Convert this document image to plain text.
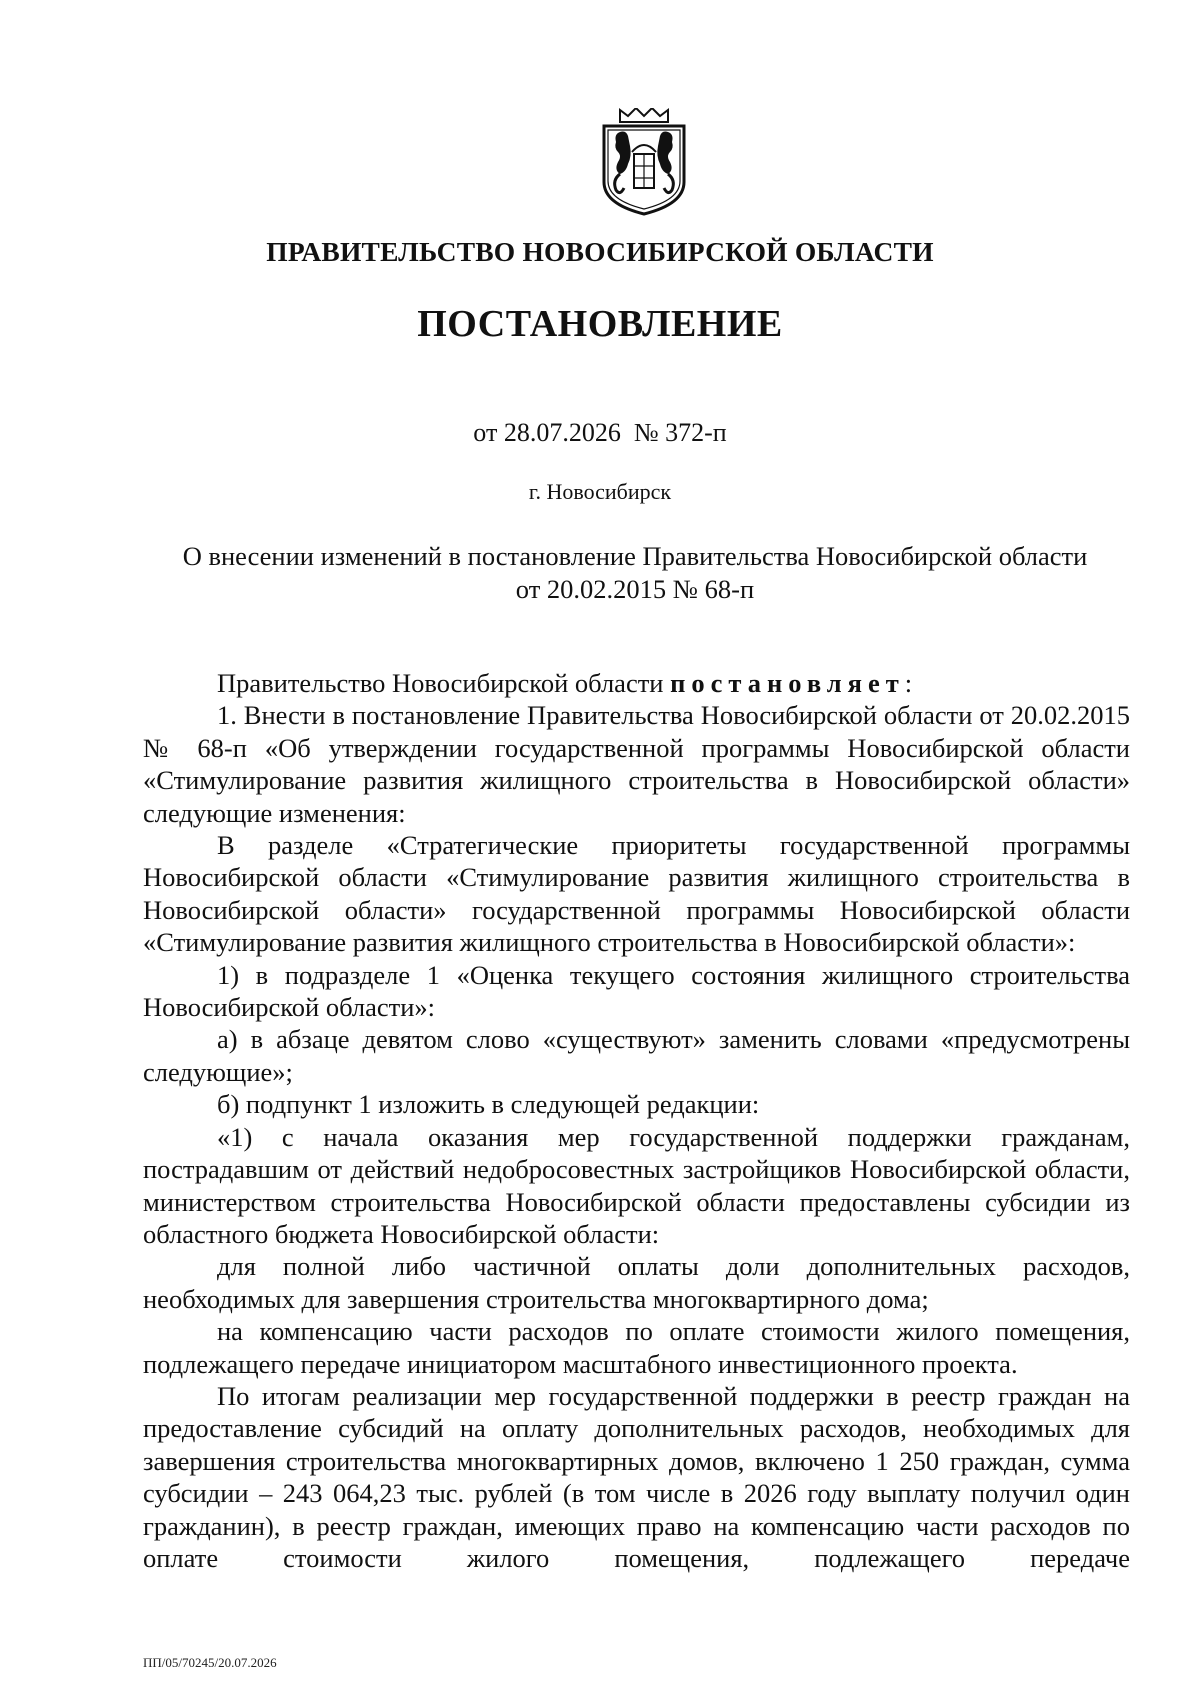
ПРАВИТЕЛЬСТВО НОВОСИБИРСКОЙ ОБЛАСТИ
ПОСТАНОВЛЕНИЕ
от 28.07.2026  № 372-п
г. Новосибирск
О внесении изменений в постановление Правительства Новосибирской области
от 20.02.2015 № 68-п

Правительство Новосибирской области постановляет:

1. Внести в постановление Правительства Новосибирской области от 20.02.2015 № 68-п «Об утверждении государственной программы Новосибирской области «Стимулирование развития жилищного строительства в Новосибирской области» следующие изменения:

В разделе «Стратегические приоритеты государственной программы Новосибирской области «Стимулирование развития жилищного строительства в Новосибирской области» государственной программы Новосибирской области «Стимулирование развития жилищного строительства в Новосибирской области»:

1) в подразделе 1 «Оценка текущего состояния жилищного строительства Новосибирской области»:

а) в абзаце девятом слово «существуют» заменить словами «предусмотрены следующие»;

б) подпункт 1 изложить в следующей редакции:

«1) с начала оказания мер государственной поддержки гражданам, пострадавшим от действий недобросовестных застройщиков Новосибирской области, министерством строительства Новосибирской области предоставлены субсидии из областного бюджета Новосибирской области:

для полной либо частичной оплаты доли дополнительных расходов, необходимых для завершения строительства многоквартирного дома;

на компенсацию части расходов по оплате стоимости жилого помещения, подлежащего передаче инициатором масштабного инвестиционного проекта.

По итогам реализации мер государственной поддержки в реестр граждан на предоставление субсидий на оплату дополнительных расходов, необходимых для завершения строительства многоквартирных домов, включено 1 250 граждан, сумма субсидии – 243 064,23 тыс. рублей (в том числе в 2026 году выплату получил один гражданин), в реестр граждан, имеющих право на компенсацию части расходов по оплате стоимости жилого помещения, подлежащего передаче

ПП/05/70245/20.07.2026
